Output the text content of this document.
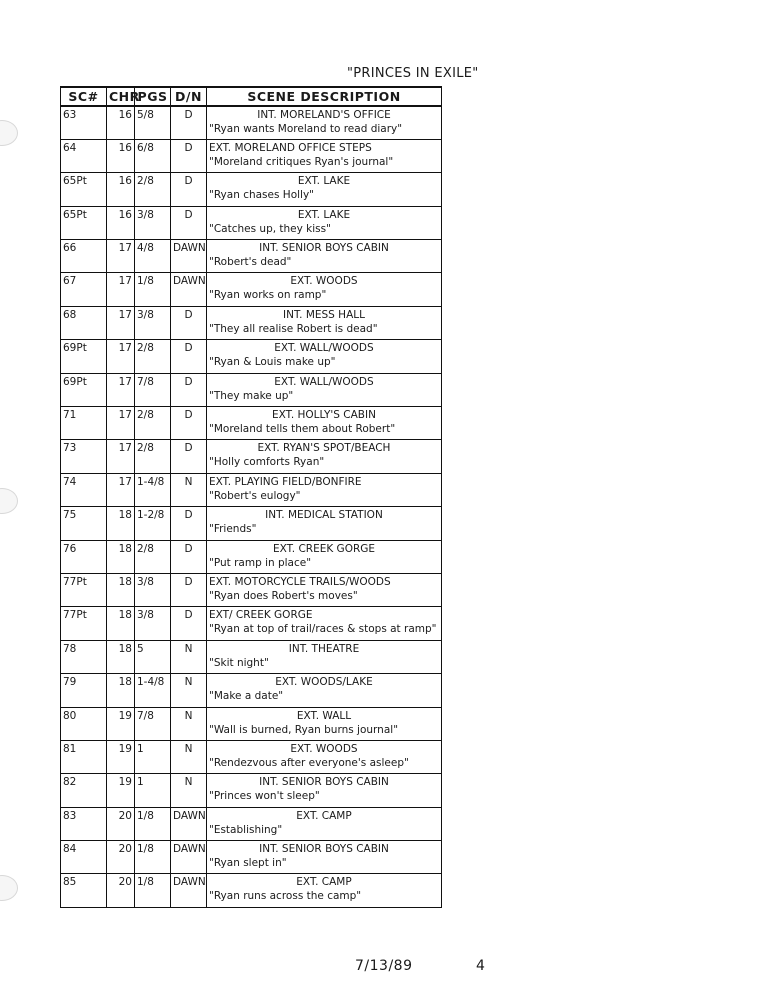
"PRINCES IN EXILE"
SC#	CHR	PGS	D/N	SCENE DESCRIPTION
63	16	5/8	D	INT. MORELAND'S OFFICE
"Ryan wants Moreland to read diary"

64	16	6/8	D	EXT. MORELAND OFFICE STEPS
"Moreland critiques Ryan's journal"

65Pt	16	2/8	D	EXT. LAKE
"Ryan chases Holly"

65Pt	16	3/8	D	EXT. LAKE
"Catches up, they kiss"

66	17	4/8	DAWN	INT. SENIOR BOYS CABIN
"Robert's dead"

67	17	1/8	DAWN	EXT. WOODS
"Ryan works on ramp"

68	17	3/8	D	INT. MESS HALL
"They all realise Robert is dead"

69Pt	17	2/8	D	EXT. WALL/WOODS
"Ryan & Louis make up"

69Pt	17	7/8	D	EXT. WALL/WOODS
"They make up"

71	17	2/8	D	EXT. HOLLY'S CABIN
"Moreland tells them about Robert"

73	17	2/8	D	EXT. RYAN'S SPOT/BEACH
"Holly comforts Ryan"

74	17	1-4/8	N	EXT. PLAYING FIELD/BONFIRE
"Robert's eulogy"

75	18	1-2/8	D	INT. MEDICAL STATION
"Friends"

76	18	2/8	D	EXT. CREEK GORGE
"Put ramp in place"

77Pt	18	3/8	D	EXT. MOTORCYCLE TRAILS/WOODS
"Ryan does Robert's moves"

77Pt	18	3/8	D	EXT/ CREEK GORGE
"Ryan at top of trail/races & stops at ramp"

78	18	5	N	INT. THEATRE
"Skit night"

79	18	1-4/8	N	EXT. WOODS/LAKE
"Make a date"

80	19	7/8	N	EXT. WALL
"Wall is burned, Ryan burns journal"

81	19	1	N	EXT. WOODS
"Rendezvous after everyone's asleep"

82	19	1	N	INT. SENIOR BOYS CABIN
"Princes won't sleep"

83	20	1/8	DAWN	EXT. CAMP
"Establishing"

84	20	1/8	DAWN	INT. SENIOR BOYS CABIN
"Ryan slept in"

85	20	1/8	DAWN	EXT. CAMP
"Ryan runs across the camp"
7/13/89	4
